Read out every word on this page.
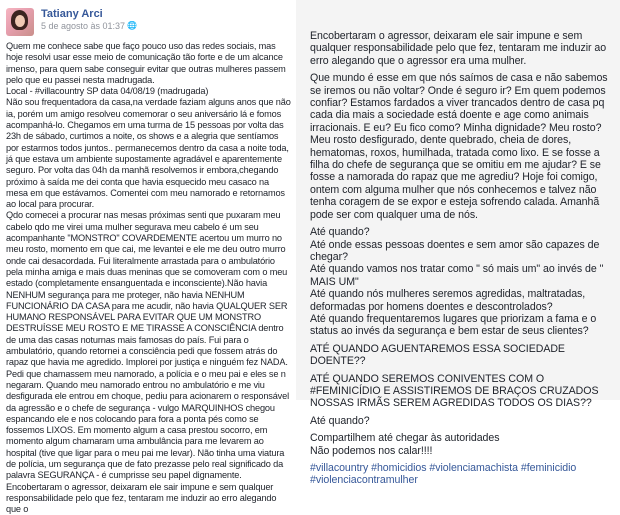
Tatiany Arci
5 de agosto às 01:37 🌐

Quem me conhece sabe que faço pouco uso das redes sociais, mas hoje resolvi usar esse meio de comunicação tão forte e de um alcance imenso, para quem sabe conseguir evitar que outras mulheres passem pelo que eu passei nesta madrugada.

Local - #villacountry SP data 04/08/19 (madrugada)

Não sou frequentadora da casa,na verdade faziam alguns anos que não ia, porém um amigo resolveu comemorar o seu aniversário lá e fomos acompanhá-lo. Chegamos em uma turma de 15 pessoas por volta das 23h de sábado, curtimos a noite, os shows e a alegria que sentíamos por estarmos todos juntos.. permanecemos dentro da casa a noite toda, já que estava um ambiente supostamente agradável e aparentemente seguro. Por volta das 04h da manhã resolvemos ir embora,chegando próximo à saída me dei conta que havia esquecido meu casaco na mesa em que estávamos. Comentei com meu namorado e retornamos ao local para procurar.

Qdo comecei a procurar nas mesas próximas senti que puxaram meu cabelo qdo me virei uma mulher segurava meu cabelo é um seu acompanhante "MONSTRO" COVARDEMENTE acertou um murro no meu rosto, momento em que cai, me levantei e ele me deu outro murro onde cai desacordada. Fui literalmente arrastada para o ambulatório pela minha amiga e mais duas meninas que se comoveram com o meu estado (completamente ensanguentada e inconsciente).Não havia NENHUM segurança para me proteger, não havia NENHUM FUNCIONÁRIO DA CASA para me acudir, não havia QUALQUER SER HUMANO RESPONSÁVEL PARA EVITAR QUE UM MONSTRO DESTRUÍSSE MEU ROSTO E ME TIRASSE A CONSCIÊNCIA dentro de uma das casas noturnas mais famosas do país. Fui para o ambulatório, quando retornei a consciência pedi que fossem atrás do rapaz que havia me agredido. Implorei por justiça e ninguém fez NADA. Pedi que chamassem meu namorado, a polícia e o meu pai e eles se n negaram. Quando meu namorado entrou no ambulatório e me viu desfigurada ele entrou em choque, pediu para acionarem o responsável da agressão e o chefe de segurança - vulgo MARQUINHOS chegou espancando ele e nos colocando para fora a ponta pés como se fossemos LIXOS. Em momento algum a casa prestou socorro, em momento algum chamaram uma ambulância para me levarem ao hospital (tive que ligar para o meu pai me levar). Não tinha uma viatura de polícia, um segurança que de fato prezasse pelo real significado da palavra SEGURANÇA - é cumprisse seu papel dignamente.

Encobertaram o agressor, deixaram ele sair impune e sem qualquer responsabilidade pelo que fez, tentaram me induzir ao erro alegando que o

Encobertaram o agressor, deixaram ele sair impune e sem qualquer responsabilidade pelo que fez, tentaram me induzir ao erro alegando que o agressor era uma mulher.

Que mundo é esse em que nós saímos de casa e não sabemos se iremos ou não voltar? Onde é seguro ir? Em quem podemos confiar? Estamos fardados a viver trancados dentro de casa pq cada dia mais a sociedade está doente e age como animais irracionais. E eu? Eu fico como? Minha dignidade? Meu rosto? Meu rosto desfigurado, dente quebrado, cheia de dores, hematomas, roxos, humilhada, tratada como lixo. E se fosse a filha do chefe de segurança que se omitiu em me ajudar? E se fosse a namorada do rapaz que me agrediu? Hoje foi comigo, ontem com alguma mulher que nós conhecemos e talvez não tenha coragem de se expor e esteja sofrendo calada. Amanhã pode ser com qualquer uma de nós.

Até quando?
Até onde essas pessoas doentes e sem amor são capazes de chegar?
Até quando vamos nos tratar como " só mais um" ao invés de " MAIS UM"
Até quando nós mulheres seremos agredidas, maltratadas, deformadas por homens doentes e descontrolados?
Até quando frequentaremos lugares que priorizam a fama e o status ao invés da segurança e bem estar de seus clientes?

ATÉ QUANDO AGUENTAREMOS ESSA SOCIEDADE DOENTE??

ATÉ QUANDO SEREMOS CONIVENTES COM O #FEMINICÍDIO E ASSISTIREMOS DE BRAÇOS CRUZADOS NOSSAS IRMÃS SEREM AGREDIDAS TODOS OS DIAS??

Até quando?

Compartilhem até chegar às autoridades
Não podemos nos calar!!!!

#villacountry #homicidios #violenciamachista #feminicidio
#violenciacontramulher
